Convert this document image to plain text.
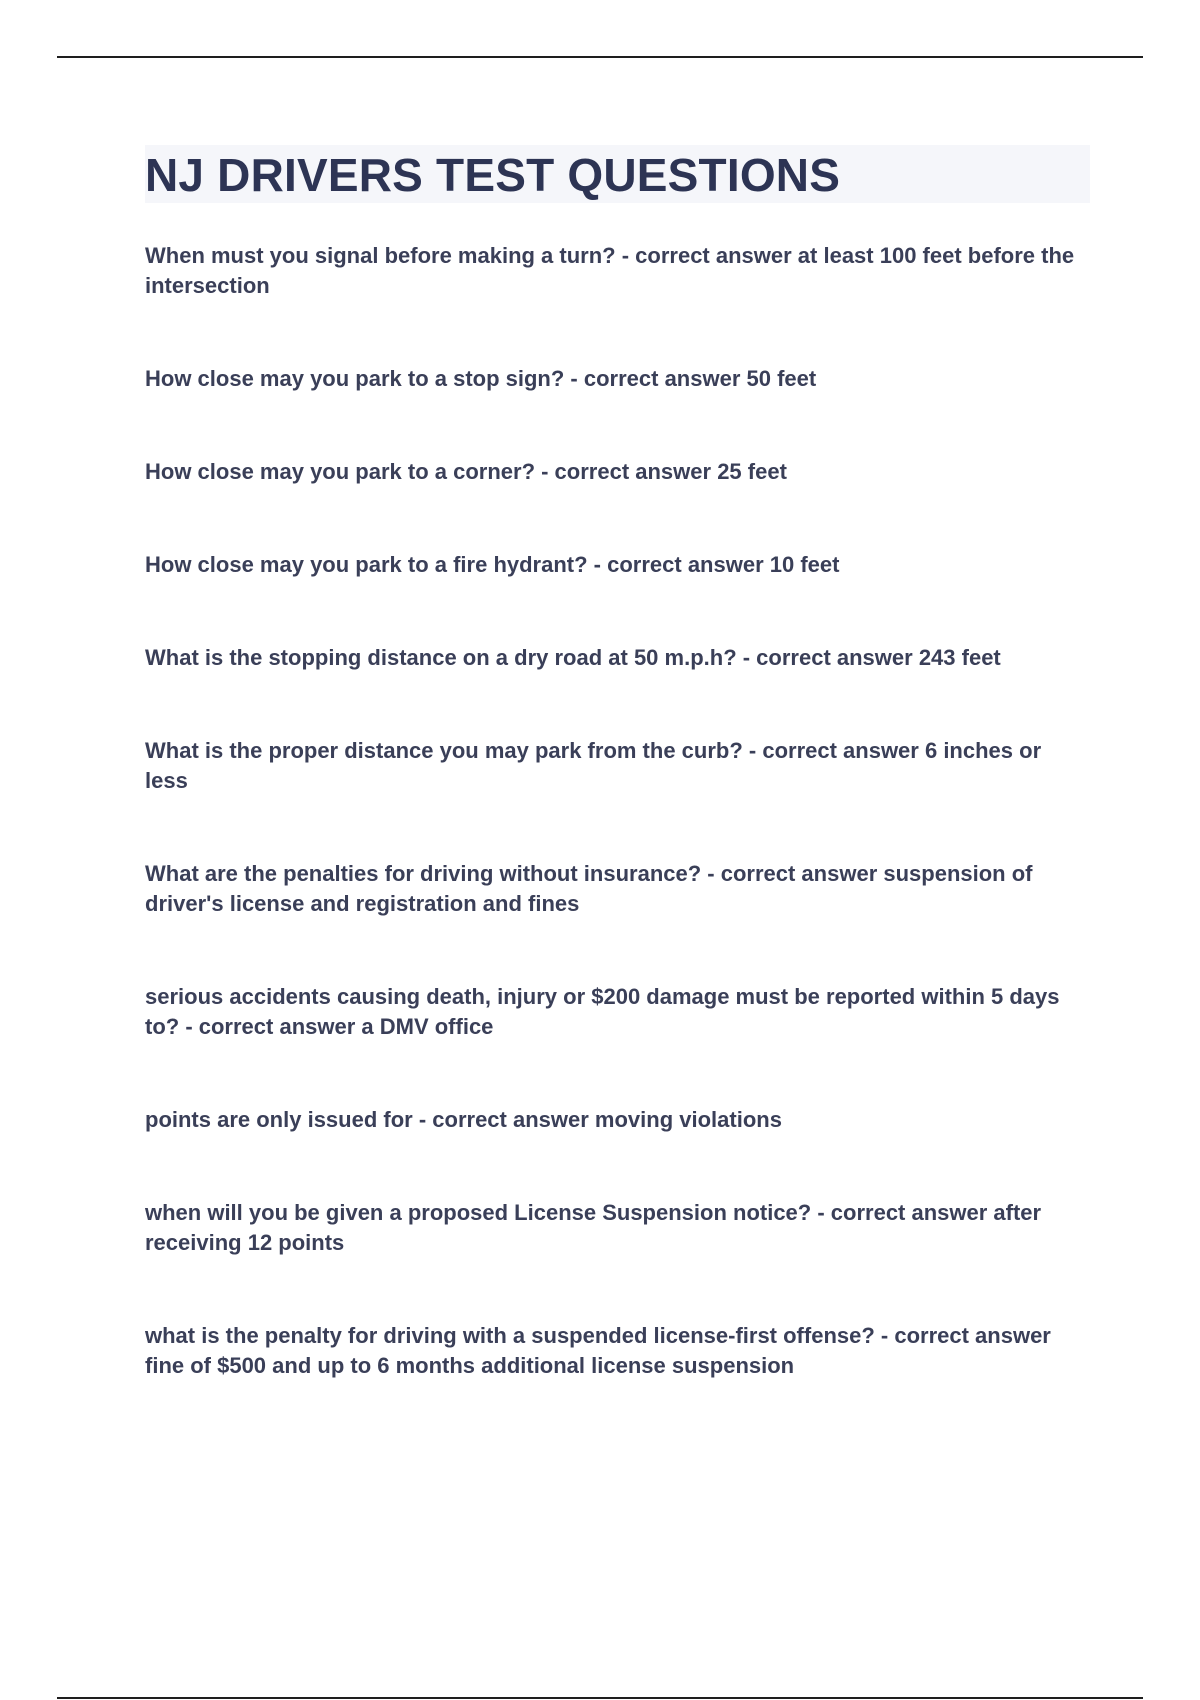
NJ DRIVERS TEST QUESTIONS
When must you signal before making a turn? - correct answer at least 100 feet before the intersection
How close may you park to a stop sign? - correct answer 50 feet
How close may you park to a corner? - correct answer 25 feet
How close may you park to a fire hydrant? - correct answer 10 feet
What is the stopping distance on a dry road at 50 m.p.h? - correct answer 243 feet
What is the proper distance you may park from the curb? - correct answer 6 inches or less
What are the penalties for driving without insurance? - correct answer suspension of driver's license and registration and fines
serious accidents causing death, injury or $200 damage must be reported within 5 days to? - correct answer a DMV office
points are only issued for - correct answer moving violations
when will you be given a proposed License Suspension notice? - correct answer after receiving 12 points
what is the penalty for driving with a suspended license-first offense? - correct answer fine of $500 and up to 6 months additional license suspension
